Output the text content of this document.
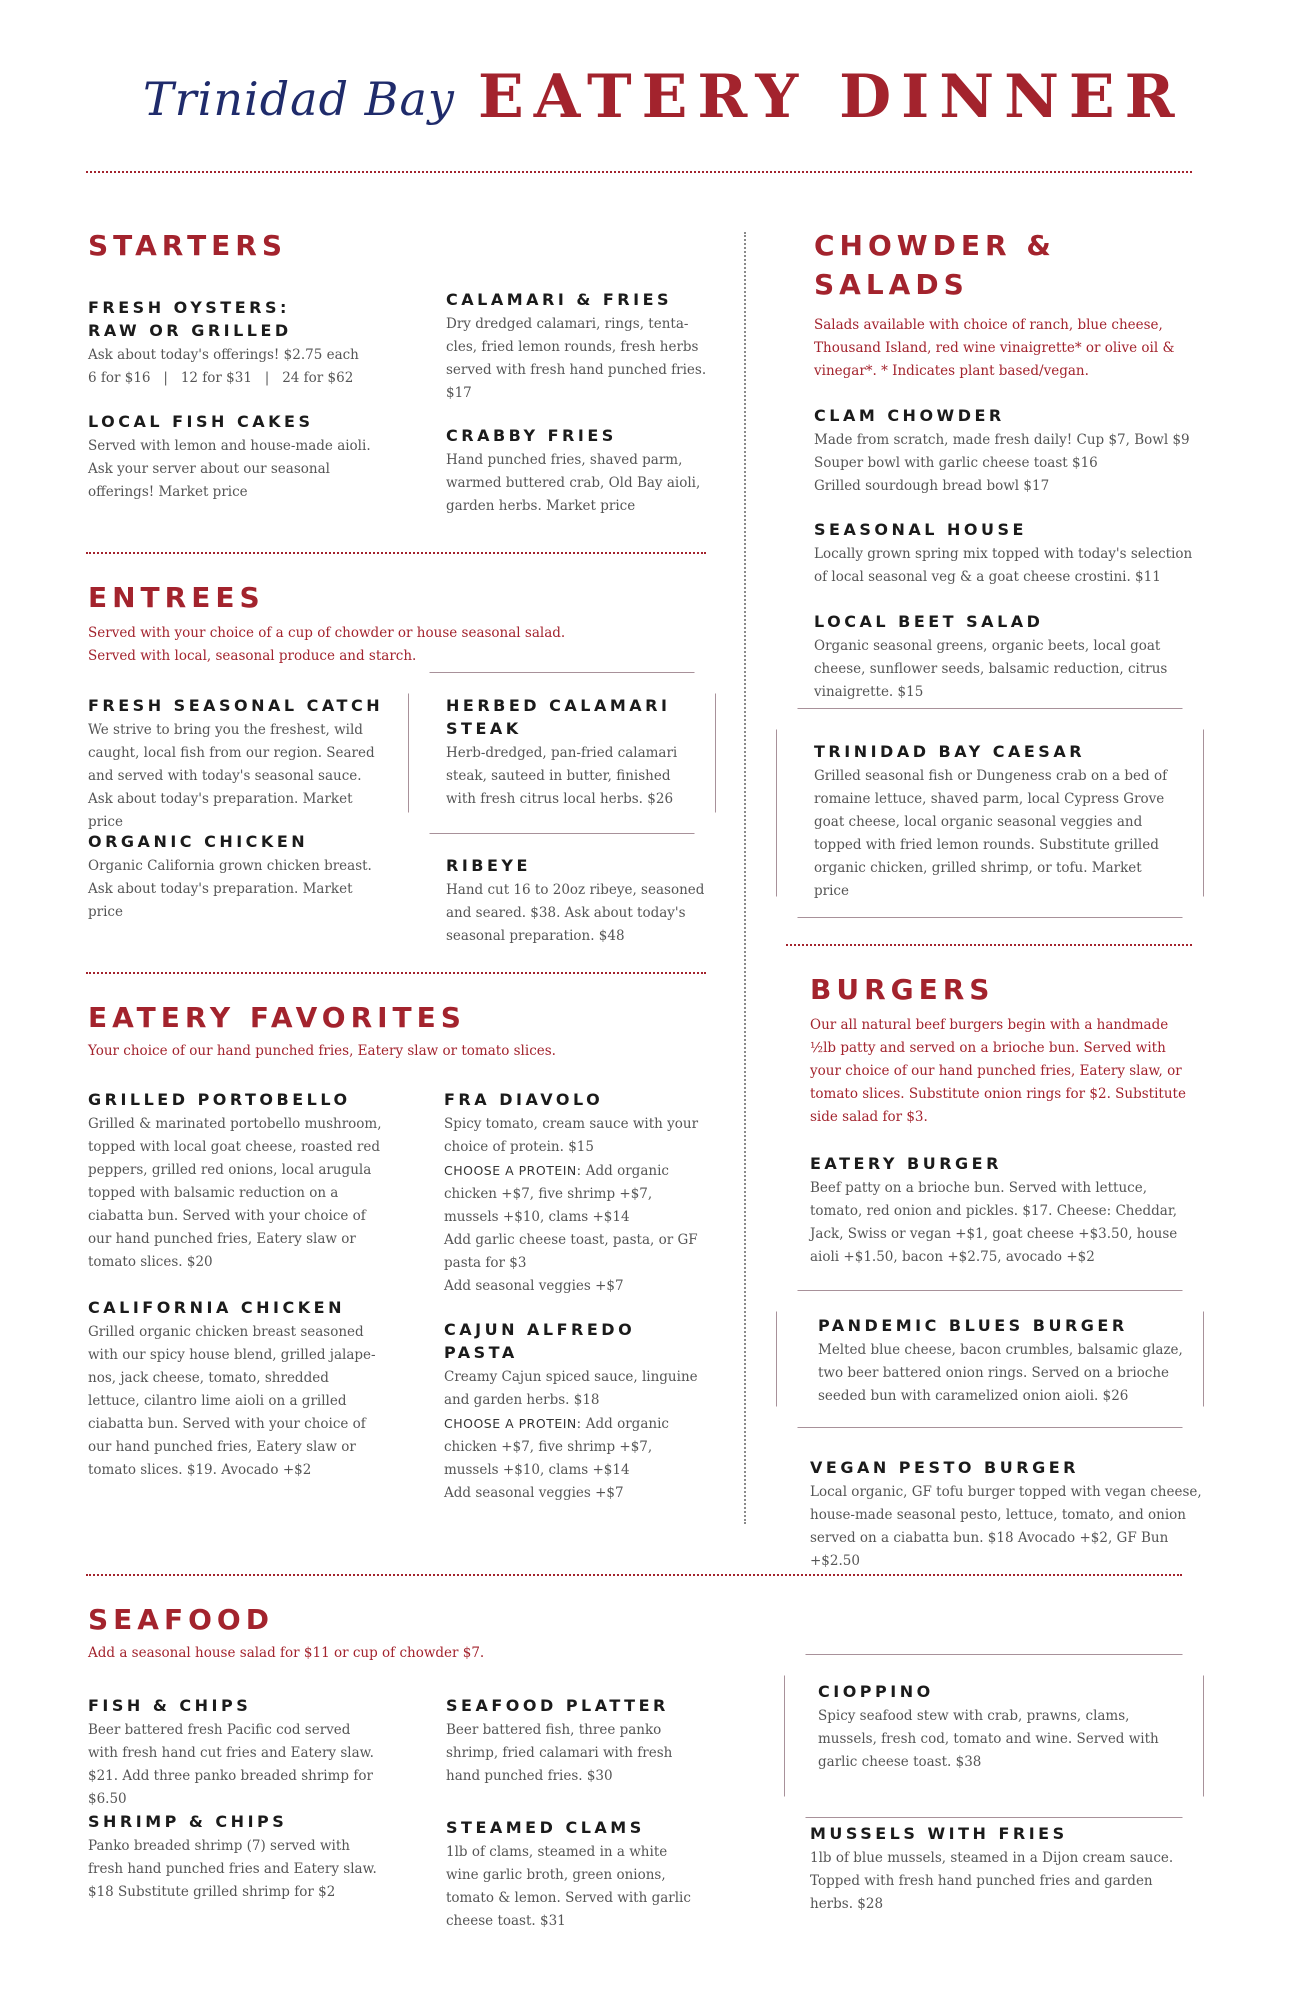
Trinidad Bay EATERY DINNER
STARTERS

FRESH OYSTERS: RAW OR GRILLED

Ask about today's offerings! $2.75 each

6 for $16   |   12 for $31   |   24 for $62

LOCAL FISH CAKES

Served with lemon and house-made aioli. Ask your server about our seasonal offerings! Market price

CALAMARI & FRIES

Dry dredged calamari, rings, tenta-cles, fried lemon rounds, fresh herbs served with fresh hand punched fries. $17

CRABBY FRIES

Hand punched fries, shaved parm, warmed buttered crab, Old Bay aioli, garden herbs. Market price

ENTREES

Served with your choice of a cup of chowder or house seasonal salad. Served with local, seasonal produce and starch.

FRESH SEASONAL CATCH

We strive to bring you the freshest, wild caught, local fish from our region. Seared and served with today's seasonal sauce. Ask about today's preparation. Market price

ORGANIC CHICKEN

Organic California grown chicken breast. Ask about today's preparation. Market price

HERBED CALAMARI STEAK

Herb-dredged, pan-fried calamari steak, sauteed in butter, finished with fresh citrus local herbs. $26

RIBEYE

Hand cut 16 to 20oz ribeye, seasoned and seared. $38. Ask about today's seasonal preparation. $48

EATERY FAVORITES

Your choice of our hand punched fries, Eatery slaw or tomato slices.

GRILLED PORTOBELLO

Grilled & marinated portobello mushroom, topped with local goat cheese, roasted red peppers, grilled red onions, local arugula topped with balsamic reduction on a ciabatta bun. Served with your choice of our hand punched fries, Eatery slaw or tomato slices. $20

CALIFORNIA CHICKEN

Grilled organic chicken breast seasoned with our spicy house blend, grilled jalape-nos, jack cheese, tomato, shredded lettuce, cilantro lime aioli on a grilled ciabatta bun. Served with your choice of our hand punched fries, Eatery slaw or tomato slices. $19. Avocado +$2

FRA DIAVOLO

Spicy tomato, cream sauce with your choice of protein. $15

CHOOSE A PROTEIN: Add organic chicken +$7, five shrimp +$7, mussels +$10, clams +$14

Add garlic cheese toast, pasta, or GF pasta for $3

Add seasonal veggies +$7

CAJUN ALFREDO PASTA

Creamy Cajun spiced sauce, linguine and garden herbs. $18

CHOOSE A PROTEIN: Add organic chicken +$7, five shrimp +$7, mussels +$10, clams +$14

Add seasonal veggies +$7

CHOWDER & SALADS

Salads available with choice of ranch, blue cheese, Thousand Island, red wine vinaigrette* or olive oil & vinegar*. * Indicates plant based/vegan.

CLAM CHOWDER

Made from scratch, made fresh daily! Cup $7, Bowl $9

Souper bowl with garlic cheese toast $16

Grilled sourdough bread bowl $17

SEASONAL HOUSE

Locally grown spring mix topped with today's selection of local seasonal veg & a goat cheese crostini. $11

LOCAL BEET SALAD

Organic seasonal greens, organic beets, local goat cheese, sunflower seeds, balsamic reduction, citrus vinaigrette. $15

TRINIDAD BAY CAESAR

Grilled seasonal fish or Dungeness crab on a bed of romaine lettuce, shaved parm, local Cypress Grove goat cheese, local organic seasonal veggies and topped with fried lemon rounds. Substitute grilled organic chicken, grilled shrimp, or tofu. Market price

BURGERS

Our all natural beef burgers begin with a handmade ½lb patty and served on a brioche bun. Served with your choice of our hand punched fries, Eatery slaw, or tomato slices. Substitute onion rings for $2. Substitute side salad for $3.

EATERY BURGER

Beef patty on a brioche bun. Served with lettuce, tomato, red onion and pickles. $17. Cheese: Cheddar, Jack, Swiss or vegan +$1, goat cheese +$3.50, house aioli +$1.50, bacon +$2.75, avocado +$2

PANDEMIC BLUES BURGER

Melted blue cheese, bacon crumbles, balsamic glaze, two beer battered onion rings. Served on a brioche seeded bun with caramelized onion aioli. $26

VEGAN PESTO BURGER

Local organic, GF tofu burger topped with vegan cheese, house-made seasonal pesto, lettuce, tomato, and onion served on a ciabatta bun. $18 Avocado +$2, GF Bun +$2.50

SEAFOOD

Add a seasonal house salad for $11 or cup of chowder $7.

FISH & CHIPS

Beer battered fresh Pacific cod served with fresh hand cut fries and Eatery slaw. $21. Add three panko breaded shrimp for $6.50

SHRIMP & CHIPS

Panko breaded shrimp (7) served with fresh hand punched fries and Eatery slaw. $18 Substitute grilled shrimp for $2

SEAFOOD PLATTER

Beer battered fish, three panko shrimp, fried calamari with fresh hand punched fries. $30

STEAMED CLAMS

1lb of clams, steamed in a white wine garlic broth, green onions, tomato & lemon. Served with garlic cheese toast. $31

CIOPPINO

Spicy seafood stew with crab, prawns, clams, mussels, fresh cod, tomato and wine. Served with garlic cheese toast. $38

MUSSELS WITH FRIES

1lb of blue mussels, steamed in a Dijon cream sauce. Topped with fresh hand punched fries and garden herbs. $28
